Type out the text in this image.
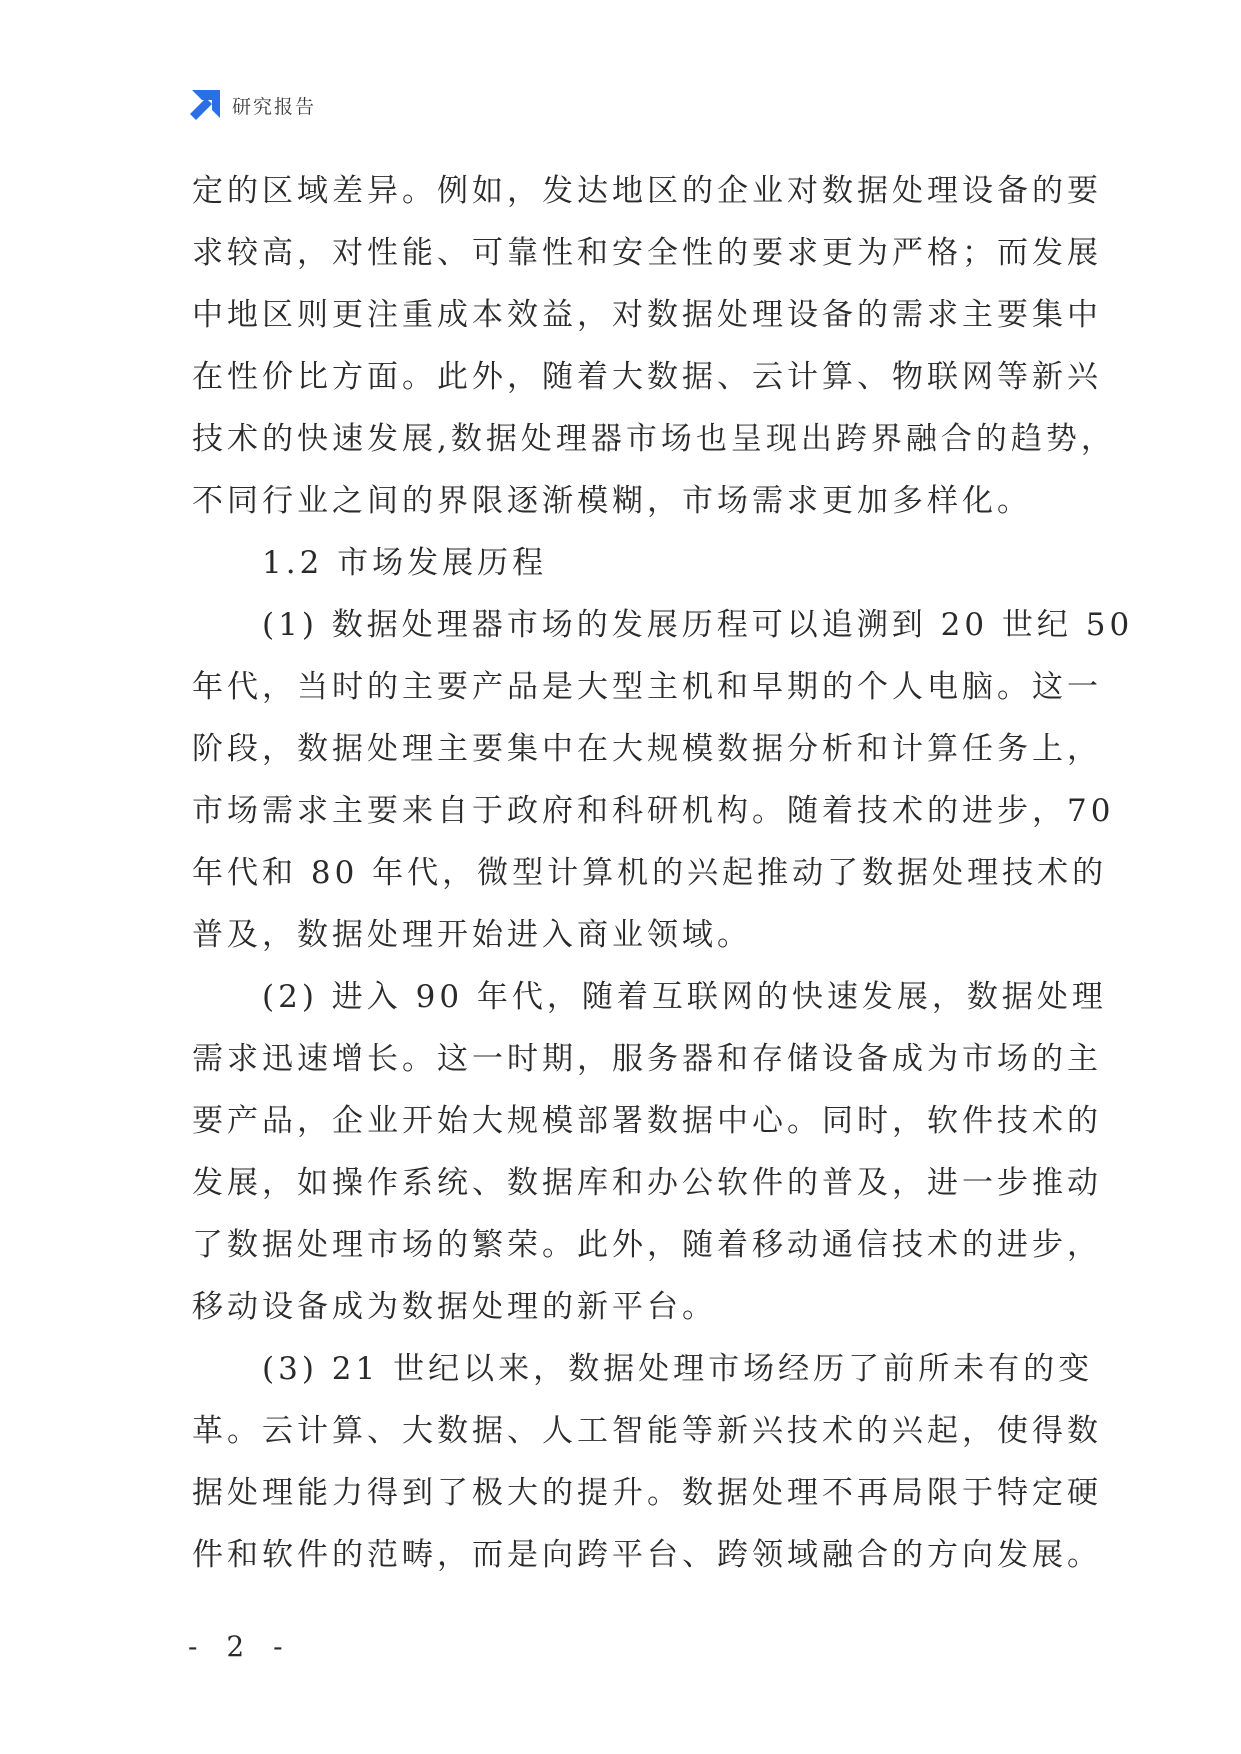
研究报告
定的区域差异。例如，发达地区的企业对数据处理设备的要
求较高，对性能、可靠性和安全性的要求更为严格；而发展
中地区则更注重成本效益，对数据处理设备的需求主要集中
在性价比方面。此外，随着大数据、云计算、物联网等新兴
技术的快速发展,数据处理器市场也呈现出跨界融合的趋势，
不同行业之间的界限逐渐模糊，市场需求更加多样化。
1.2 市场发展历程
(1) 数据处理器市场的发展历程可以追溯到 20 世纪 50
年代，当时的主要产品是大型主机和早期的个人电脑。这一
阶段，数据处理主要集中在大规模数据分析和计算任务上，
市场需求主要来自于政府和科研机构。随着技术的进步，70
年代和 80 年代，微型计算机的兴起推动了数据处理技术的
普及，数据处理开始进入商业领域。
(2) 进入 90 年代，随着互联网的快速发展，数据处理
需求迅速增长。这一时期，服务器和存储设备成为市场的主
要产品，企业开始大规模部署数据中心。同时，软件技术的
发展，如操作系统、数据库和办公软件的普及，进一步推动
了数据处理市场的繁荣。此外，随着移动通信技术的进步，
移动设备成为数据处理的新平台。
(3) 21 世纪以来，数据处理市场经历了前所未有的变
革。云计算、大数据、人工智能等新兴技术的兴起，使得数
据处理能力得到了极大的提升。数据处理不再局限于特定硬
件和软件的范畴，而是向跨平台、跨领域融合的方向发展。
- 2 -
